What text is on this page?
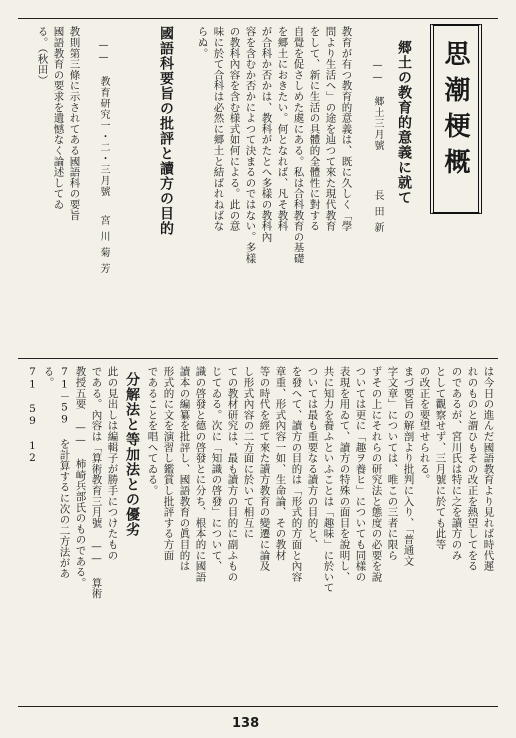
思潮梗概
郷土の教育的意義に就て
—— 郷土三月號
長田新
教育が有つ教育的意義は、既に久しく「學
問より生活へ」の途を辿つて來た現代教育
をして、新に生活の具體的全體性に對する
自覺を促さしめた處にある。私は合科教育の基礎
を郷土におきたい。何となれば、凡そ教科
が合科か否かは、教科がたとへ多樣の教科內
容を含むか否かによつて決まるのではない。多樣
の教科內容を含む様式如何による。此の意
味に於て合科は必然に郷土と結ばれねばな
らぬ。
國語科要旨の批評と讀方の目的
—— 教育研究一・二・三月號
宮川菊芳
教則第三條に示されてある國語科の要旨
は今日の進んだ國語教育より見れば時代遲
れのものと謂ひもその改正を熱望してをる
のであるが、宮川氏は特に之を讀方のみ
として觀察せず、三月號に於ても此等
の改正を要望せられる。
まづ要旨の解剖より批判に入り、「普通文
字文章」については、唯この三者に限ら
ずその上にそれらの研究法と態度の必要を說
ついては更に「趣ヲ養ヒ」についても同樣の
表現を用ゐて、讀方の特殊の面目を說明し、
共に知力を養ふといふことは「趣味」に於いて
ついては最も重要なる讀方の目的と、
を發へて、讀方の目的は「形式的方面と內容
章重、形式內容一如、生命論、その教材
等の時代を經て來た讀方教育の變遷に論及
し形式內容の二方面に於いて相互に
ての教材研究は、最も讀方の目的に副ふもの
じてゐる。次に「知識の啓發」について、
識の啓發と德の啓發とに分ち、根本的に國語
讀本の編纂を批評し、國語教育の眞目的は
形式的に文を演習し鑑賞し批評する方面
であることを唱へてゐる。
國語教育の要求を遺憾なく論述してゐ
る。（秋田）
分解法と等加法との優劣
此の見出しは編輯子が勝手につけたもの
である。內容は「算術教育三月號 —— 算術
教授五要 —— 柿崎兵部氏のものである。
71－59 を計算するに次の二方法があ
る。
71 59 12
138
